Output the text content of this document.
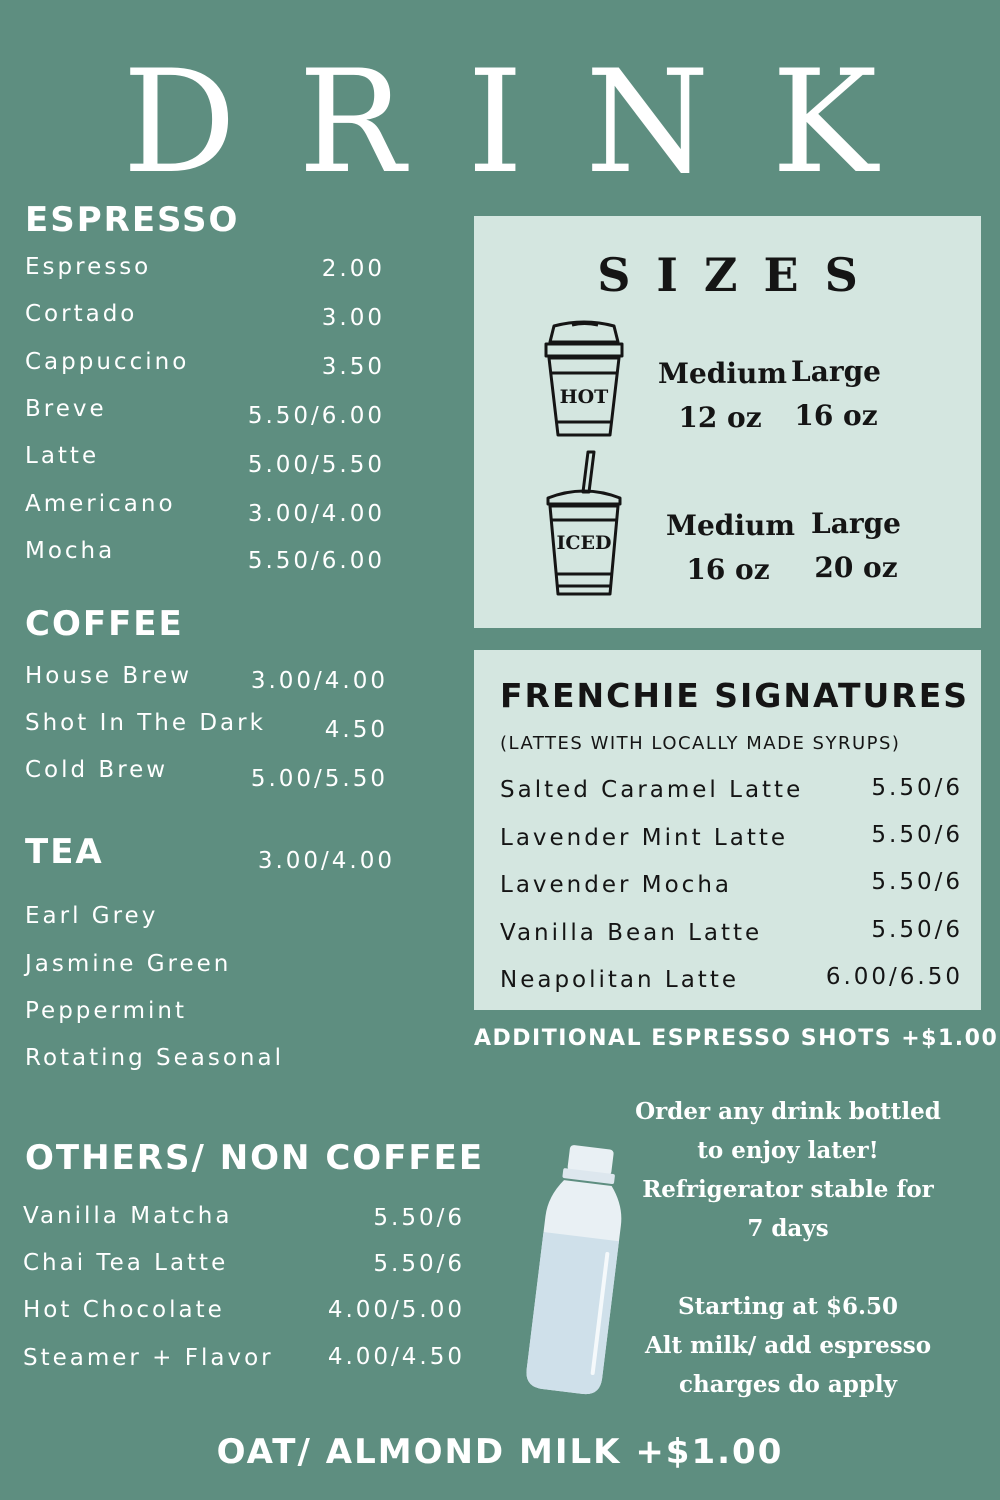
DRINK
ESPRESSO
Espresso	2.00
Cortado	3.00
Cappuccino	3.50
Breve	5.50/6.00
Latte	5.00/5.50
Americano	3.00/4.00
Mocha	5.50/6.00
COFFEE
House Brew	3.00/4.00
Shot In The Dark	4.50
Cold Brew	5.00/5.50
TEA	3.00/4.00
Earl Grey
Jasmine Green
Peppermint
Rotating Seasonal
OTHERS/ NON COFFEE
Vanilla Matcha	5.50/6
Chai Tea Latte	5.50/6
Hot Chocolate	4.00/5.00
Steamer + Flavor	4.00/4.50
SIZES
HOT
Medium
12 oz
Large
16 oz
ICED
Medium
16 oz
Large
20 oz
FRENCHIE SIGNATURES
(LATTES WITH LOCALLY MADE SYRUPS)
Salted Caramel Latte	5.50/6
Lavender Mint Latte	5.50/6
Lavender Mocha	5.50/6
Vanilla Bean Latte	5.50/6
Neapolitan Latte	6.00/6.50
ADDITIONAL ESPRESSO SHOTS +$1.00

Order any drink bottled

to enjoy later!

Refrigerator stable for

7 days

Starting at $6.50

Alt milk/ add espresso

charges do apply

OAT/ ALMOND MILK +$1.00
